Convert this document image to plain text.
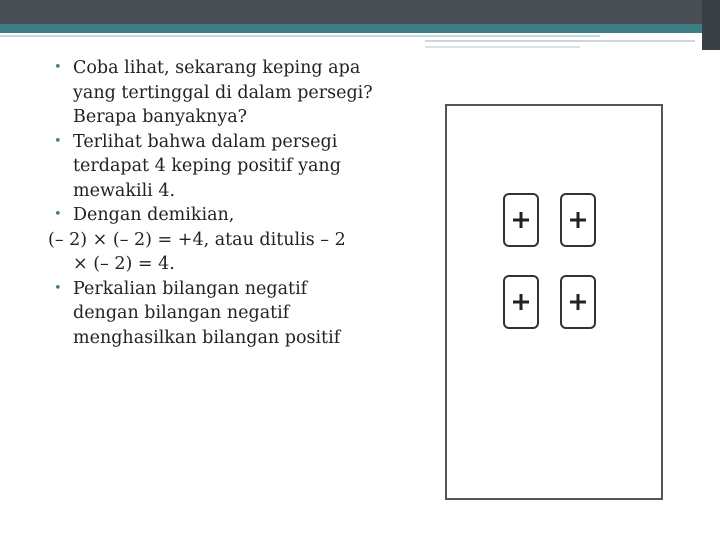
• Coba lihat, sekarang keping apa yang tertinggal di dalam persegi? Berapa banyaknya?
• Terlihat bahwa dalam persegi terdapat 4 keping positif yang mewakili 4.
• Dengan demikian,
(– 2) × (– 2) = +4, atau ditulis – 2
× (– 2) = 4.
• Perkalian bilangan negatif dengan bilangan negatif menghasilkan bilangan positif
